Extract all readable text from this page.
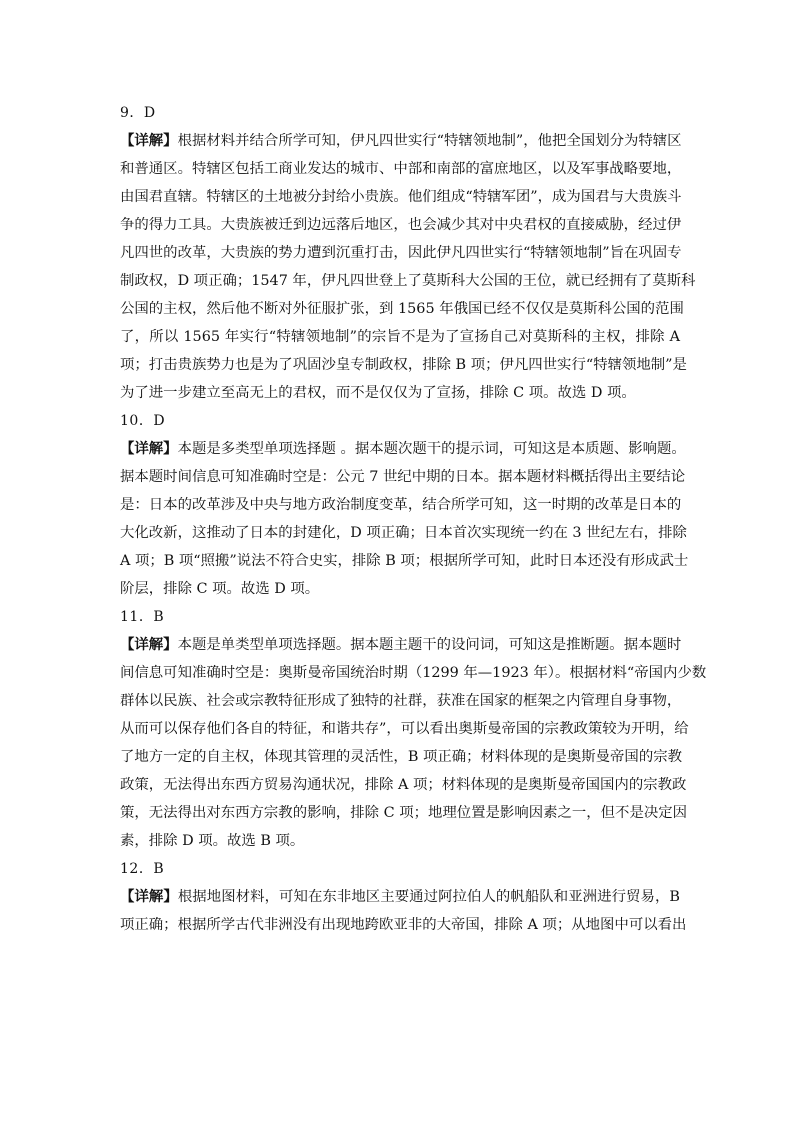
9．D
【详解】根据材料并结合所学可知，伊凡四世实行“特辖领地制”，他把全国划分为特辖区
和普通区。特辖区包括工商业发达的城市、中部和南部的富庶地区，以及军事战略要地，
由国君直辖。特辖区的土地被分封给小贵族。他们组成“特辖军团”，成为国君与大贵族斗
争的得力工具。大贵族被迁到边远落后地区，也会减少其对中央君权的直接威胁，经过伊
凡四世的改革，大贵族的势力遭到沉重打击，因此伊凡四世实行“特辖领地制”旨在巩固专
制政权，D 项正确；1547 年，伊凡四世登上了莫斯科大公国的王位，就已经拥有了莫斯科
公国的主权，然后他不断对外征服扩张，到 1565 年俄国已经不仅仅是莫斯科公国的范围
了，所以 1565 年实行“特辖领地制”的宗旨不是为了宣扬自己对莫斯科的主权，排除 A
项；打击贵族势力也是为了巩固沙皇专制政权，排除 B 项；伊凡四世实行“特辖领地制”是
为了进一步建立至高无上的君权，而不是仅仅为了宣扬，排除 C 项。故选 D 项。
10．D
【详解】本题是多类型单项选择题 。据本题次题干的提示词，可知这是本质题、影响题。
据本题时间信息可知准确时空是：公元 7 世纪中期的日本。据本题材料概括得出主要结论
是：日本的改革涉及中央与地方政治制度变革，结合所学可知，这一时期的改革是日本的
大化改新，这推动了日本的封建化，D 项正确；日本首次实现统一约在 3 世纪左右，排除
A 项；B 项“照搬”说法不符合史实，排除 B 项；根据所学可知，此时日本还没有形成武士
阶层，排除 C 项。故选 D 项。
11．B
【详解】本题是单类型单项选择题。据本题主题干的设问词，可知这是推断题。据本题时
间信息可知准确时空是：奥斯曼帝国统治时期（1299 年—1923 年）。根据材料“帝国内少数
群体以民族、社会或宗教特征形成了独特的社群，获准在国家的框架之内管理自身事物，
从而可以保存他们各自的特征，和谐共存”，可以看出奥斯曼帝国的宗教政策较为开明，给
了地方一定的自主权，体现其管理的灵活性，B 项正确；材料体现的是奥斯曼帝国的宗教
政策，无法得出东西方贸易沟通状况，排除 A 项；材料体现的是奥斯曼帝国国内的宗教政
策，无法得出对东西方宗教的影响，排除 C 项；地理位置是影响因素之一，但不是决定因
素，排除 D 项。故选 B 项。
12．B
【详解】根据地图材料，可知在东非地区主要通过阿拉伯人的帆船队和亚洲进行贸易，B
项正确；根据所学古代非洲没有出现地跨欧亚非的大帝国，排除 A 项；从地图中可以看出
